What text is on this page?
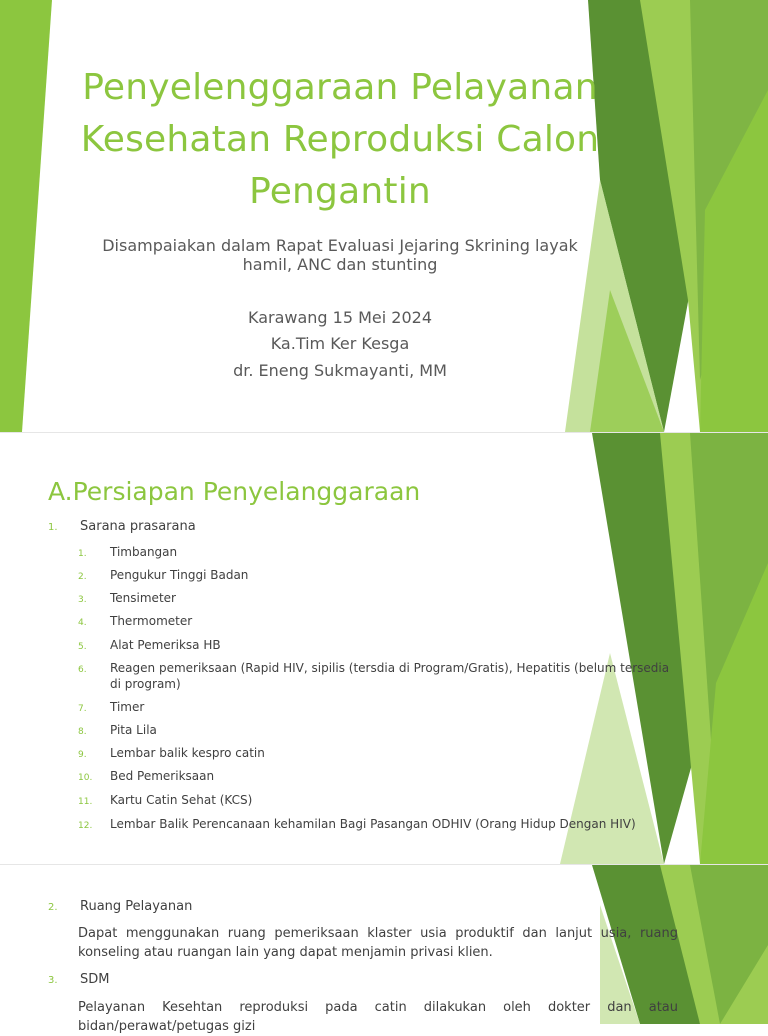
Penyelenggaraan Pelayanan Kesehatan Reproduksi Calon Pengantin
Disampaiakan dalam Rapat Evaluasi Jejaring Skrining layak hamil, ANC dan stunting
Karawang 15 Mei 2024
Ka.Tim Ker Kesga
dr. Eneng Sukmayanti, MM
A.Persiapan Penyelanggaraan
1. Sarana prasarana
1. Timbangan
2. Pengukur Tinggi Badan
3. Tensimeter
4. Thermometer
5. Alat Pemeriksa HB
6. Reagen pemeriksaan (Rapid HIV, sipilis (tersdia di Program/Gratis), Hepatitis (belum tersedia di program)
7. Timer
8. Pita Lila
9. Lembar balik kespro catin
10. Bed Pemeriksaan
11. Kartu Catin Sehat (KCS)
12. Lembar Balik Perencanaan kehamilan Bagi Pasangan ODHIV (Orang Hidup Dengan HIV)
2. Ruang Pelayanan
Dapat menggunakan ruang pemeriksaan klaster usia produktif dan lanjut usia, ruang konseling atau ruangan lain yang dapat menjamin privasi klien.
3. SDM
Pelayanan Kesehtan reproduksi pada catin dilakukan oleh dokter dan atau bidan/perawat/petugas gizi
